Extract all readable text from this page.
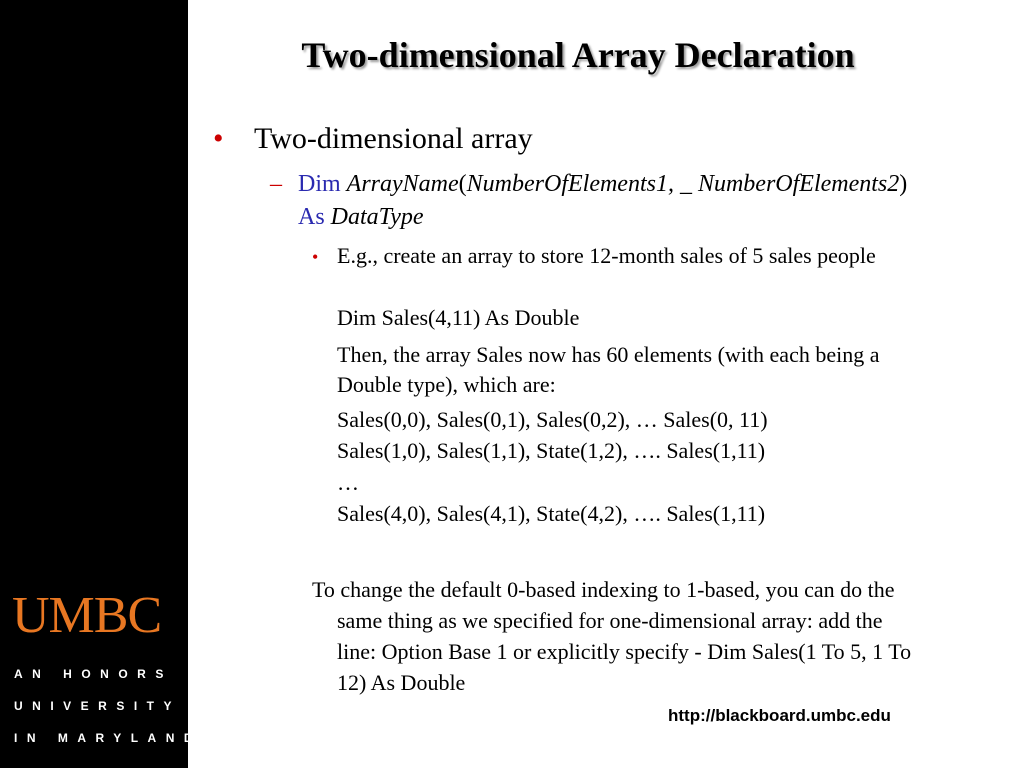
UMBC
AN HONORS
UNIVERSITY
IN MARYLAND
Two-dimensional Array Declaration
• Two-dimensional array
– Dim ArrayName(NumberOfElements1, _ NumberOfElements2)
As DataType
• E.g., create an array to store 12-month sales of 5 sales people
Dim Sales(4,11) As Double
Then, the array Sales now has 60 elements (with each being a
Double type), which are:
Sales(0,0), Sales(0,1), Sales(0,2), … Sales(0, 11)
Sales(1,0), Sales(1,1), State(1,2), …. Sales(1,11)
…
Sales(4,0), Sales(4,1), State(4,2), …. Sales(1,11)
To change the default 0-based indexing to 1-based, you can do the
same thing as we specified for one-dimensional array: add the
line: Option Base 1 or explicitly specify - Dim Sales(1 To 5, 1 To
12) As Double
http://blackboard.umbc.edu
